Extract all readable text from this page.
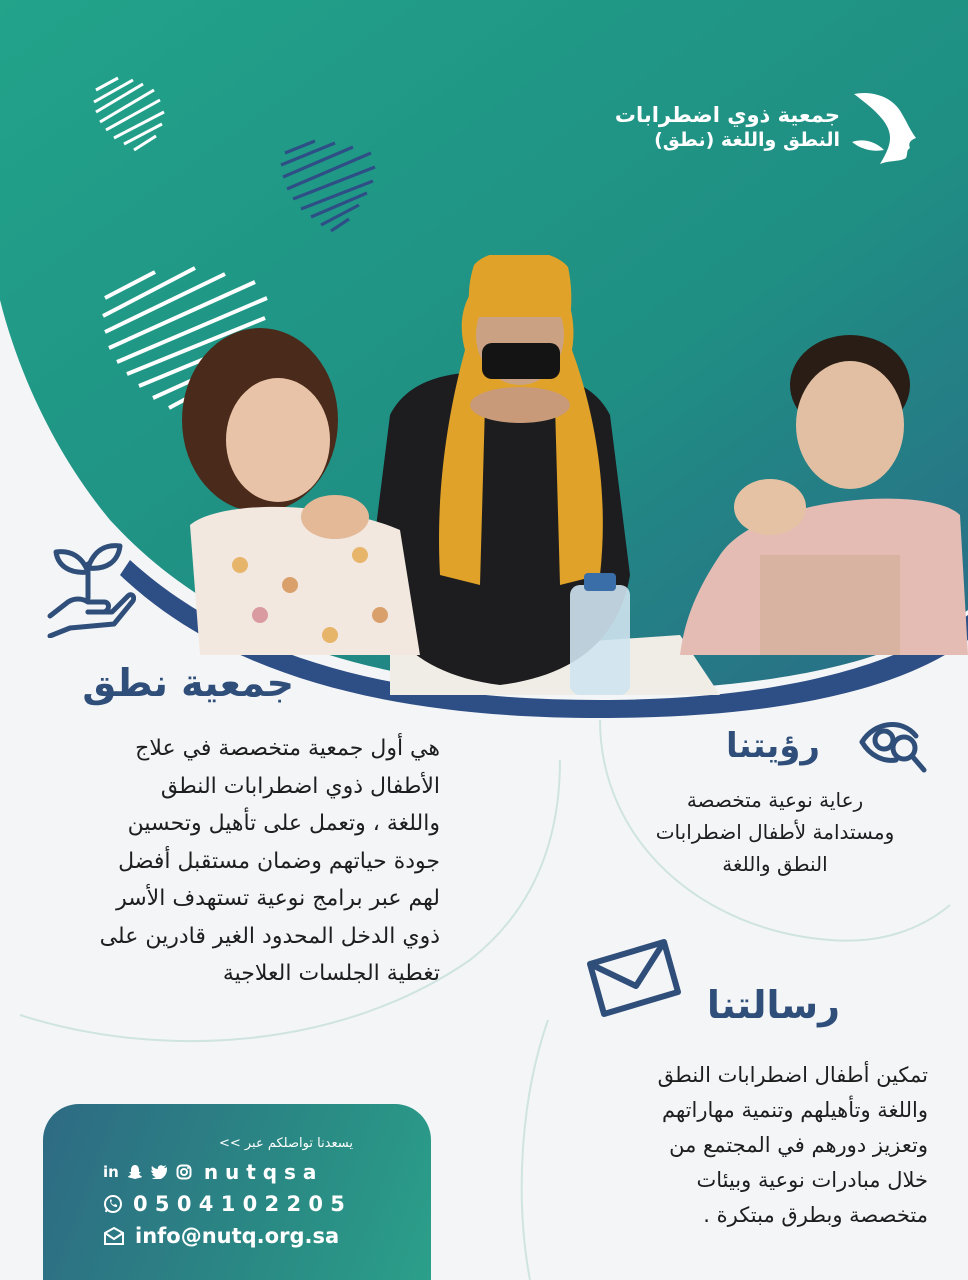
جمعية ذوي اضطرابات
النطق واللغة (نطق)
جمعية نطق
هي أول جمعية متخصصة في علاج
الأطفال ذوي اضطرابات النطق
واللغة ، وتعمل على تأهيل وتحسين
جودة حياتهم وضمان مستقبل أفضل
لهم عبر برامج نوعية تستهدف الأسر
ذوي الدخل المحدود الغير قادرين على
تغطية الجلسات العلاجية
رؤيتنا
رعاية نوعية متخصصة
ومستدامة لأطفال اضطرابات
النطق واللغة
رسالتنا
تمكين أطفال اضطرابات النطق
واللغة وتأهيلهم وتنمية مهاراتهم
وتعزيز دورهم في المجتمع من
خلال مبادرات نوعية وبيئات
متخصصة وبطرق مبتكرة .
يسعدنا تواصلكم عبر >>
in	n u t q s a
0 5 0 4 1 0 2 2 0 5
info@nutq.org.sa
